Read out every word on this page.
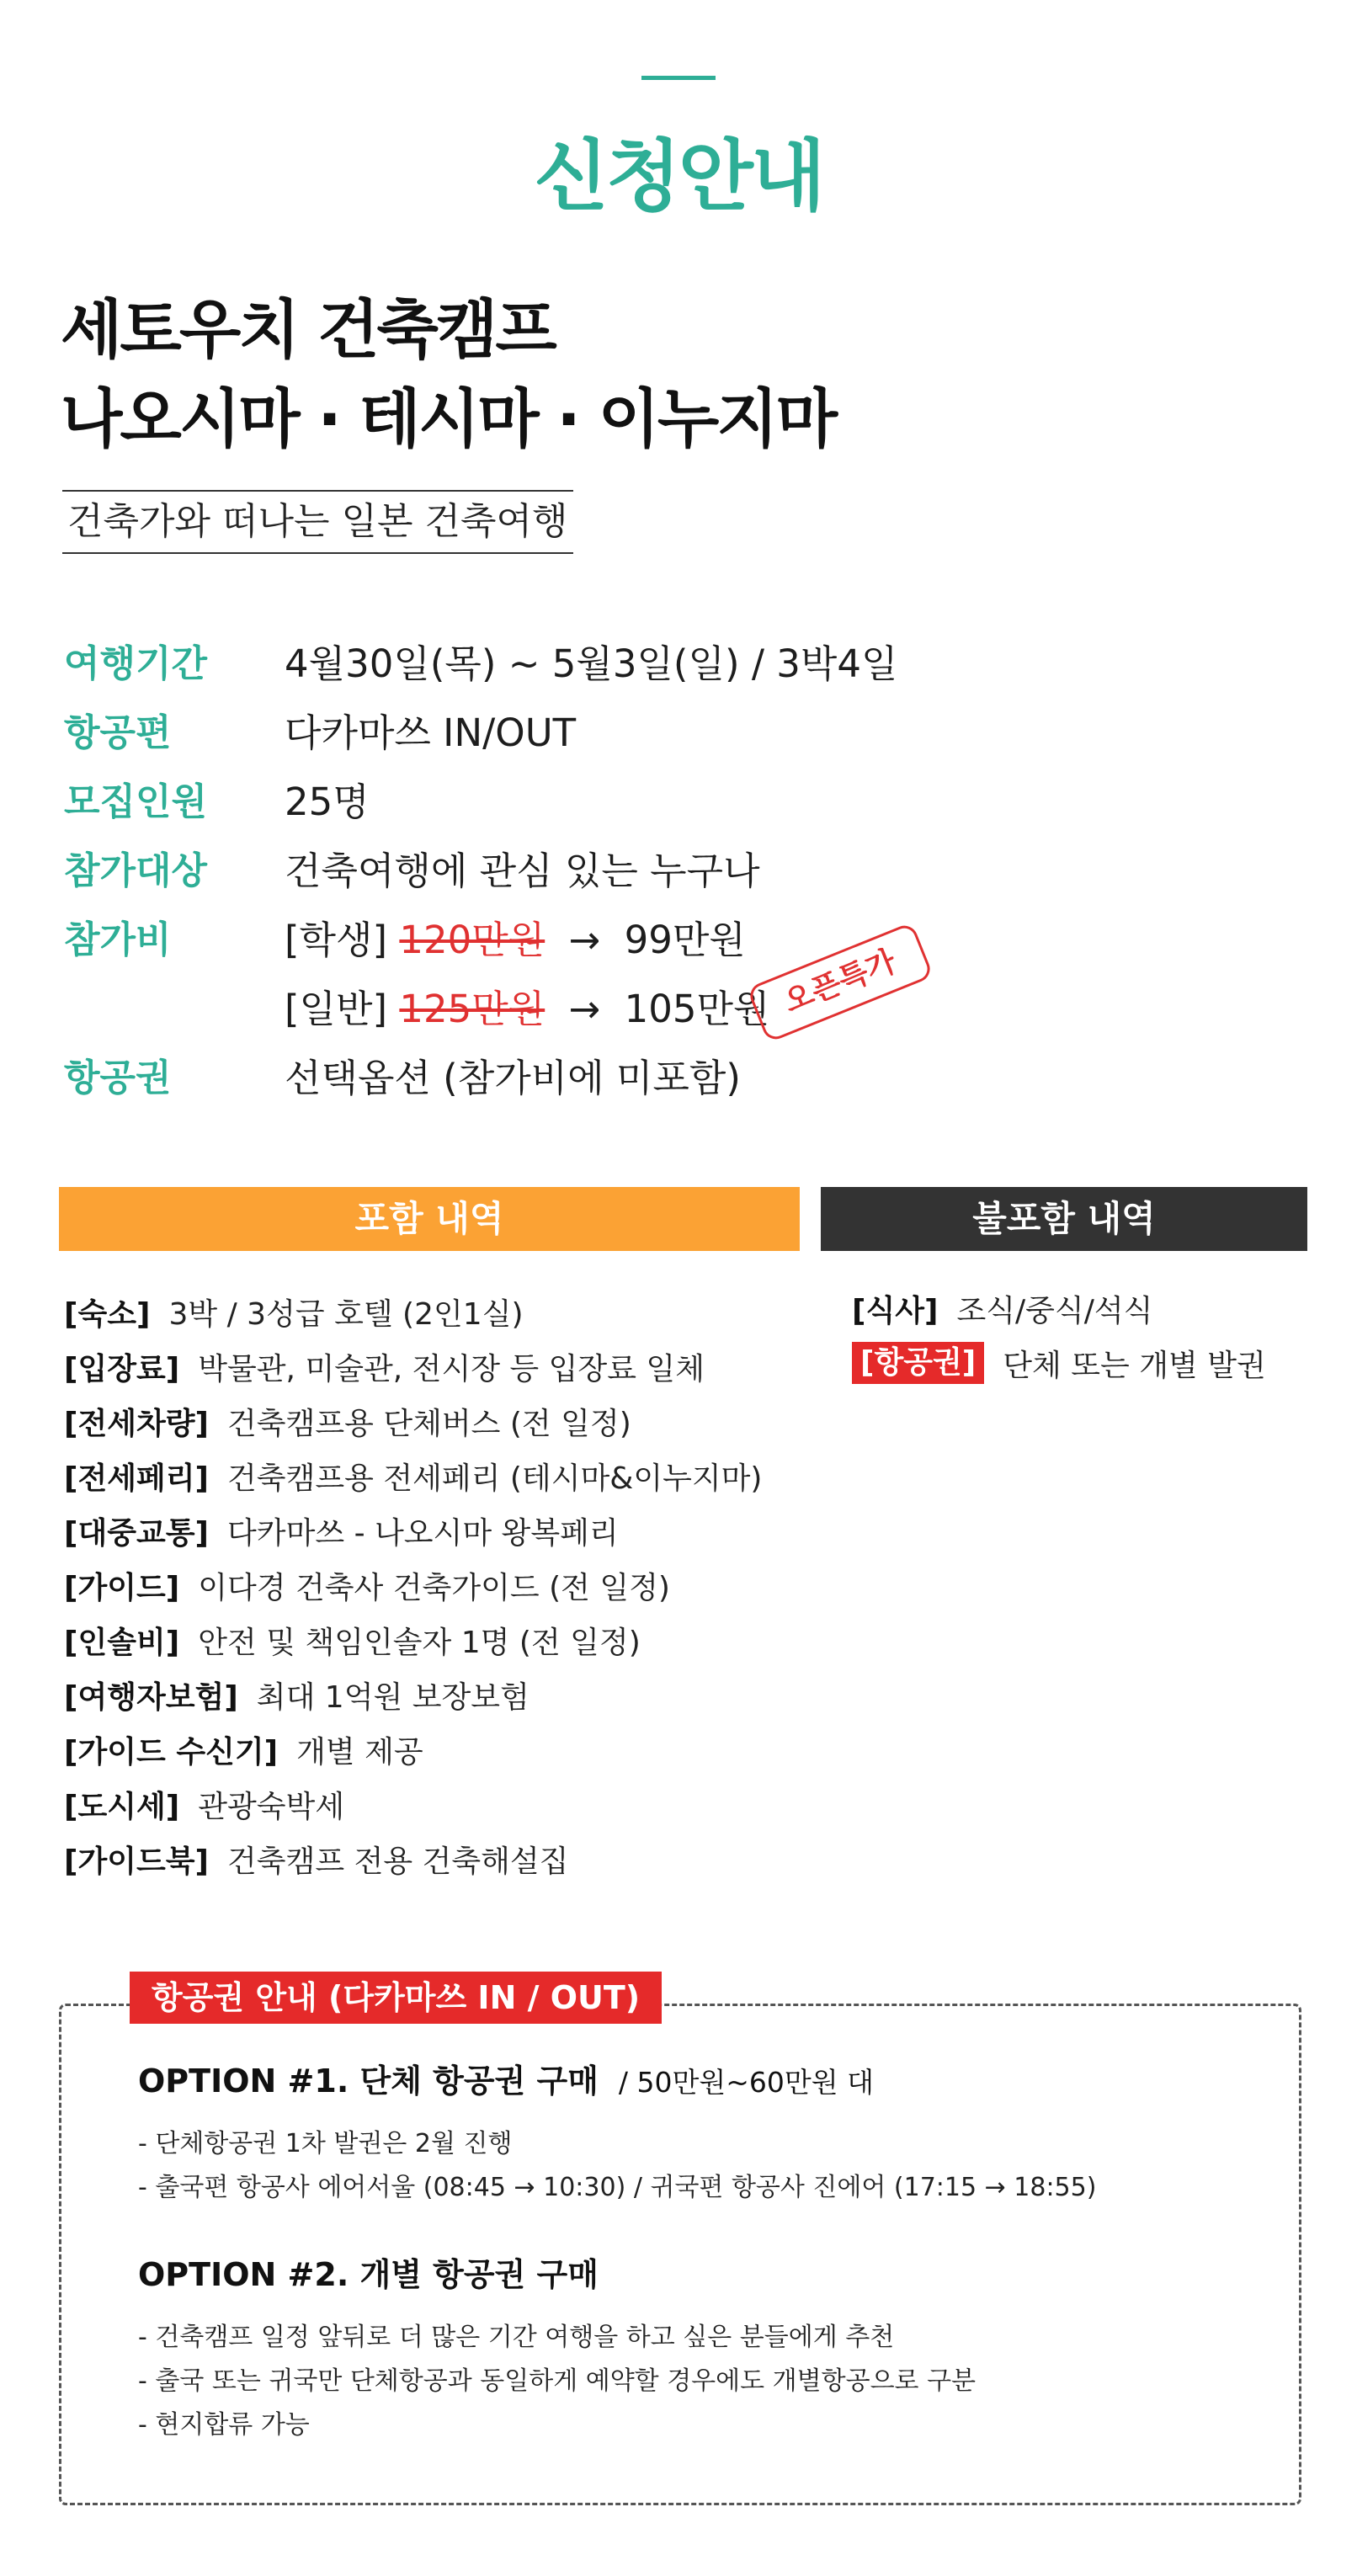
신청안내
세토우치 건축캠프
나오시마 · 테시마 · 이누지마
건축가와 떠나는 일본 건축여행
여행기간	4월30일(목) ~ 5월3일(일) / 3박4일
항공편	다카마쓰 IN/OUT
모집인원	25명
참가대상	건축여행에 관심 있는 누구나
참가비	[학생] 120만원 → 99만원
[일반] 125만원 → 105만원 오픈특가
항공권	선택옵션 (참가비에 미포함)
포함 내역	불포함 내역
[숙소] 3박 / 3성급 호텔 (2인1실)
[입장료] 박물관, 미술관, 전시장 등 입장료 일체
[전세차량] 건축캠프용 단체버스 (전 일정)
[전세페리] 건축캠프용 전세페리 (테시마&이누지마)
[대중교통] 다카마쓰 - 나오시마 왕복페리
[가이드] 이다경 건축사 건축가이드 (전 일정)
[인솔비] 안전 및 책임인솔자 1명 (전 일정)
[여행자보험] 최대 1억원 보장보험
[가이드 수신기] 개별 제공
[도시세] 관광숙박세
[가이드북] 건축캠프 전용 건축해설집
[식사] 조식/중식/석식
[항공권] 단체 또는 개별 발권
항공권 안내 (다카마쓰 IN / OUT)
OPTION #1. 단체 항공권 구매 / 50만원~60만원 대
- 단체항공권 1차 발권은 2월 진행
- 출국편 항공사 에어서울 (08:45 → 10:30) / 귀국편 항공사 진에어 (17:15 → 18:55)
OPTION #2. 개별 항공권 구매
- 건축캠프 일정 앞뒤로 더 많은 기간 여행을 하고 싶은 분들에게 추천
- 출국 또는 귀국만 단체항공과 동일하게 예약할 경우에도 개별항공으로 구분
- 현지합류 가능
